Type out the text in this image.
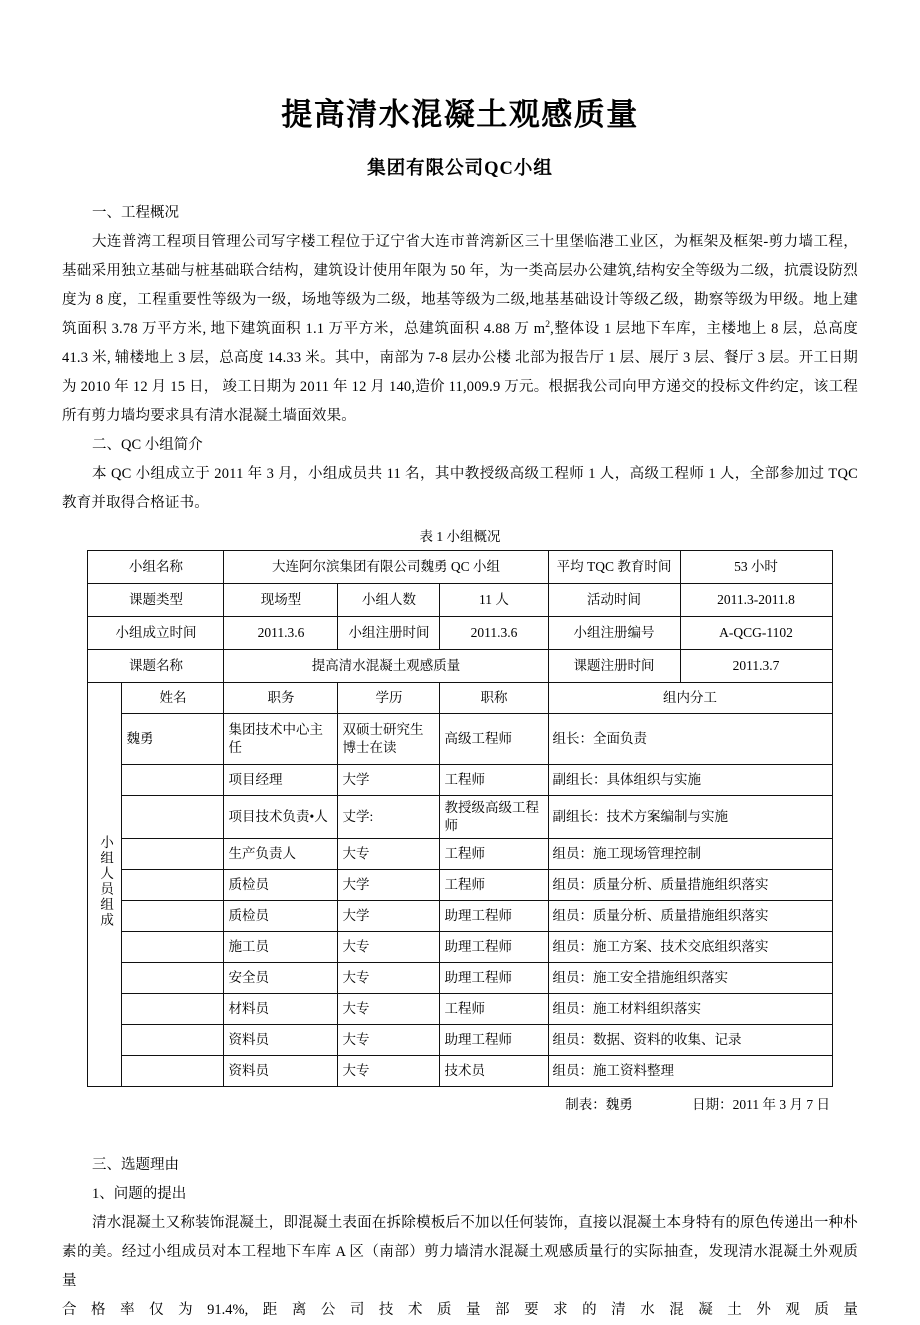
提高清水混凝土观感质量
集团有限公司QC小组
一、工程概况

大连普湾工程项目管理公司写字楼工程位于辽宁省大连市普湾新区三十里堡临港工业区，为框架及框架-剪力墙工程，基础采用独立基础与桩基础联合结构，建筑设计使用年限为 50 年，为一类高层办公建筑,结构安全等级为二级，抗震设防烈度为 8 度，工程重要性等级为一级，场地等级为二级，地基等级为二级,地基基础设计等级乙级，勘察等级为甲级。地上建筑面积 3.78 万平方米, 地下建筑面积 1.1 万平方米，总建筑面积 4.88 万 $m^2$,整体设 1 层地下车库，主楼地上 8 层，总高度 41.3 米, 辅楼地上 3 层，总高度 14.33 米。其中，南部为 7-8 层办公楼 北部为报告厅 1 层、展厅 3 层、餐厅 3 层。开工日期为 2010 年 12 月 15 日， 竣工日期为 2011 年 12 月 140,造价 11,009.9 万元。根据我公司向甲方递交的投标文件约定，该工程所有剪力墙均要求具有清水混凝土墙面效果。

二、QC 小组简介

本 QC 小组成立于 2011 年 3 月，小组成员共 11 名，其中教授级高级工程师 1 人，高级工程师 1 人，全部参加过 TQC 教育并取得合格证书。

表 1 小组概况
小组名称		大连阿尔滨集团有限公司魏勇 QC 小组			平均 TQC 教育时间	53 小时
课题类型		现场型	小组人数	11 人	活动时间	2011.3-2011.8
小组成立时间		2011.3.6	小组注册时间	2011.3.6	小组注册编号	A-QCG-1102
课题名称		提高清水混凝土观感质量			课题注册时间	2011.3.7
小组人员组成	姓名	职务	学历	职称	组内分工	
	魏勇	集团技术中心主任	双硕士研究生博士在读	高级工程师	组长：全面负责	
		项目经理	大学	工程师	副组长：具体组织与实施	
		项目技术负责•人	丈学:	教授级高级工程师	副组长：技术方案编制与实施	
		生产负责人	大专	工程师	组员：施工现场管理控制	
		质检员	大学	工程师	组员：质量分析、质量措施组织落实	
		质检员	大学	助理工程师	组员：质量分析、质量措施组织落实	
		施工员	大专	助理工程师	组员：施工方案、技术交底组织落实	
		安全员	大专	助理工程师	组员：施工安全措施组织落实	
		材料员	大专	工程师	组员：施工材料组织落实	
		资料员	大专	助理工程师	组员：数据、资料的收集、记录	
		资料员	大专	技术员	组员：施工资料整理	
制表：魏勇	日期：2011 年 3 月 7 日
三、选题理由
1、问题的提出

清水混凝土又称装饰混凝土，即混凝土表面在拆除模板后不加以任何装饰，直接以混凝土本身特有的原色传递出一种朴素的美。经过小组成员对本工程地下车库 A 区（南部）剪力墙清水混凝土观感质量行的实际抽查，发现清水混凝土外观质量

合 格 率 仅 为 91.4%, 距 离 公 司 技 术 质 量 部 要 求 的 清 水 混 凝 土 外 观 质 量
